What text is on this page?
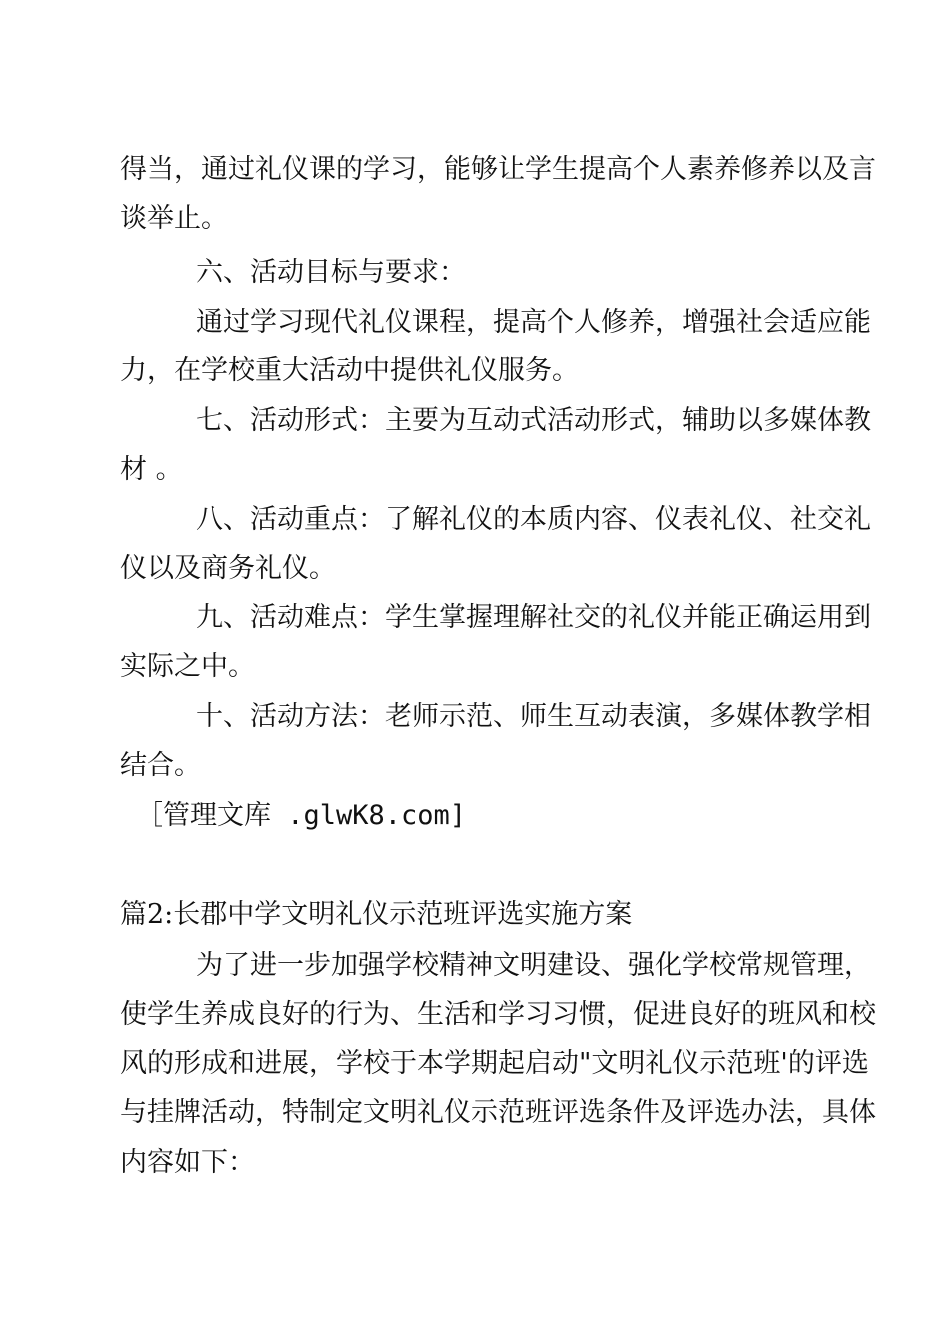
得当，通过礼仪课的学习，能够让学生提高个人素养修养以及言
谈举止。
六、活动目标与要求：
通过学习现代礼仪课程，提高个人修养，增强社会适应能
力，在学校重大活动中提供礼仪服务。
七、活动形式：主要为互动式活动形式，辅助以多媒体教
材 。
八、活动重点：了解礼仪的本质内容、仪表礼仪、社交礼
仪以及商务礼仪。
九、活动难点：学生掌握理解社交的礼仪并能正确运用到
实际之中。
十、活动方法：老师示范、师生互动表演，多媒体教学相
结合。
［管理文库 .glwK8.com]
篇2:长郡中学文明礼仪示范班评选实施方案
为了进一步加强学校精神文明建设、强化学校常规管理，
使学生养成良好的行为、生活和学习习惯，促进良好的班风和校
风的形成和进展，学校于本学期起启动"文明礼仪示范班'的评选
与挂牌活动，特制定文明礼仪示范班评选条件及评选办法，具体
内容如下：
